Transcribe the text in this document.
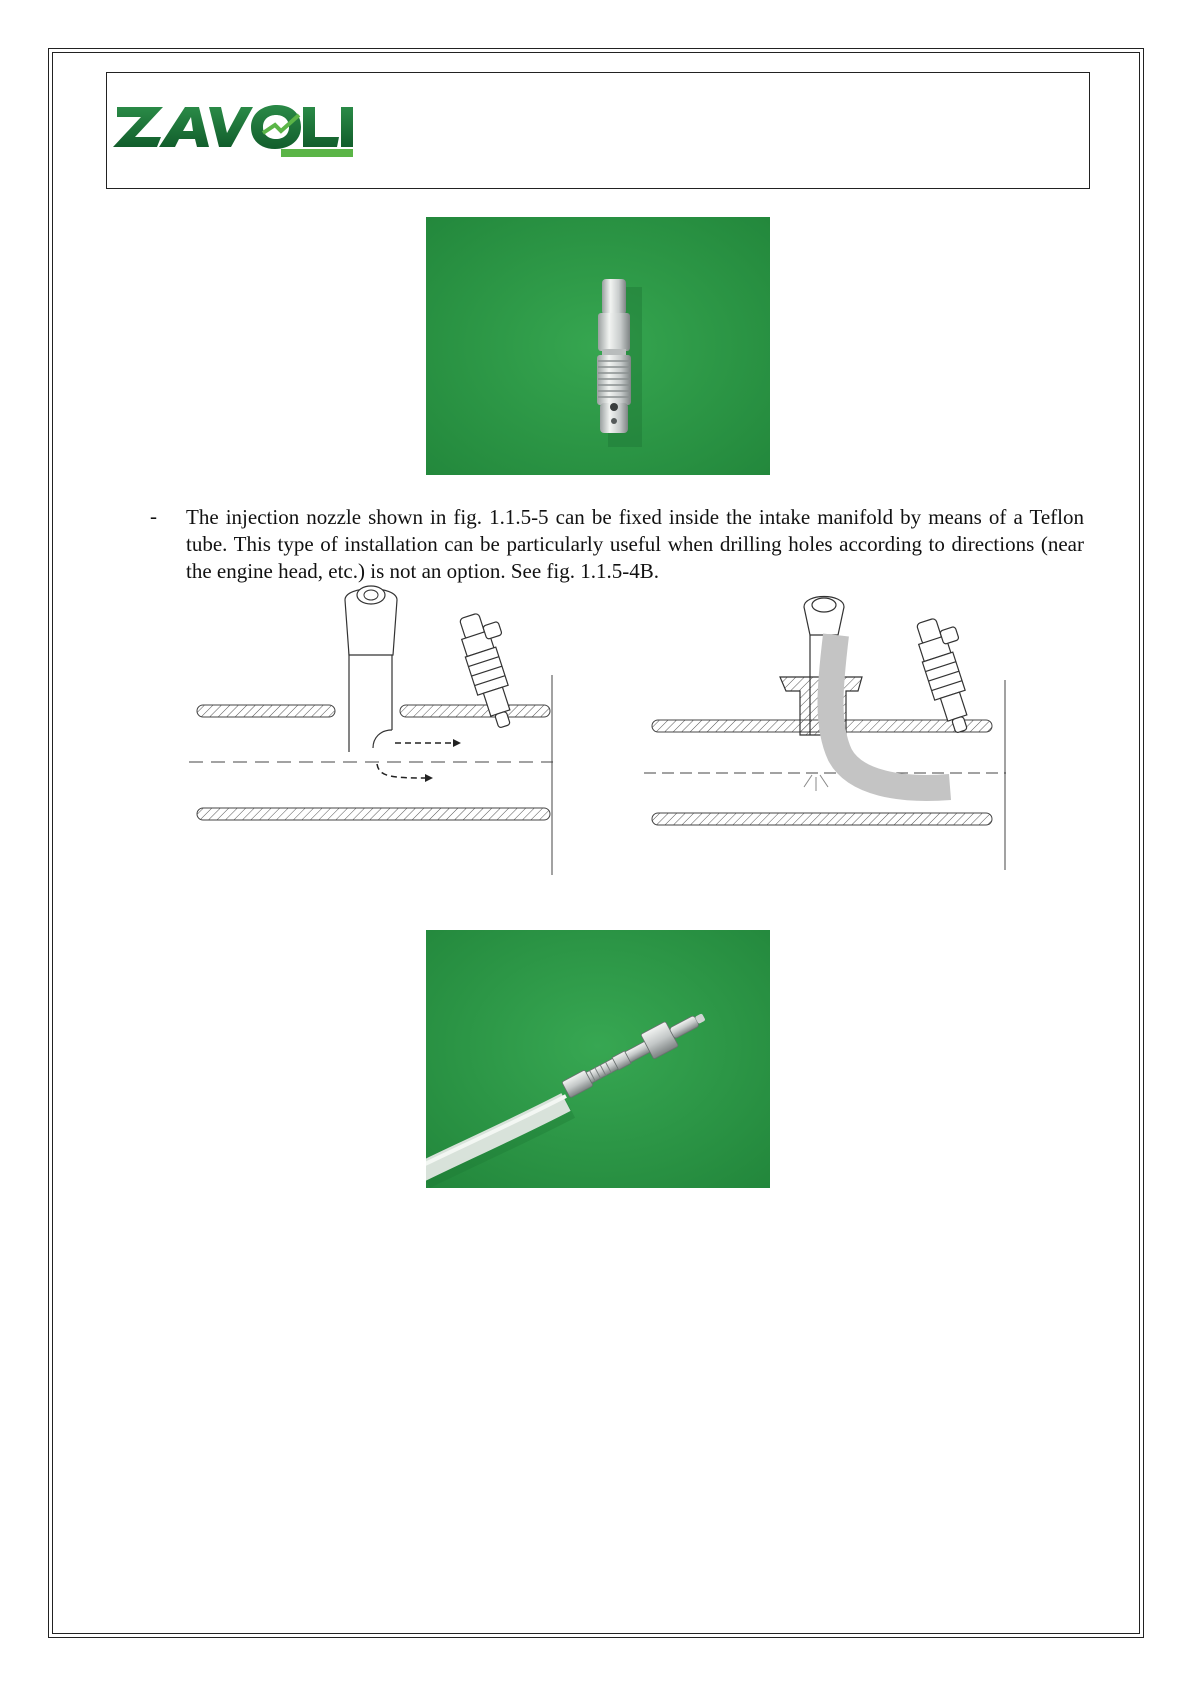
- The injection nozzle shown in fig. 1.1.5-5 can be fixed inside the intake manifold by means of a Teflon tube. This type of installation can be particularly useful when drilling holes according to directions (near the engine head, etc.) is not an option. See fig. 1.1.5-4B.
